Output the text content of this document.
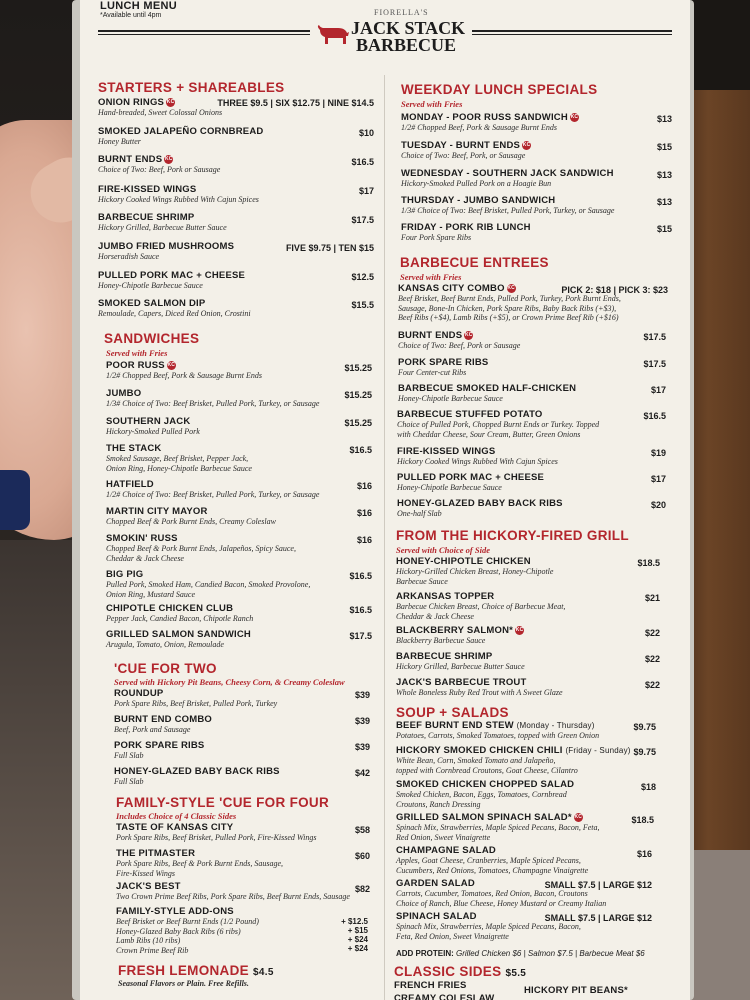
LUNCH MENU
*Available until 4pm	FIORELLA'S
JACK STACK
BARBECUE
STARTERS + SHAREABLES
ONION RINGS KC
Hand-breaded, Sweet Colossal Onions
THREE $9.5 | SIX $12.75 | NINE $14.5
SMOKED JALAPEÑO CORNBREAD
Honey Butter
$10
BURNT ENDS KC
Choice of Two: Beef, Pork or Sausage
$16.5
FIRE-KISSED WINGS
Hickory Cooked Wings Rubbed With Cajun Spices
$17
BARBECUE SHRIMP
Hickory Grilled, Barbecue Butter Sauce
$17.5
JUMBO FRIED MUSHROOMS
Horseradish Sauce
FIVE $9.75 | TEN $15
PULLED PORK MAC + CHEESE
Honey-Chipotle Barbecue Sauce
$12.5
SMOKED SALMON DIP
Remoulade, Capers, Diced Red Onion, Crostini
$15.5
SANDWICHES
Served with Fries
POOR RUSS KC
1/2# Chopped Beef, Pork & Sausage Burnt Ends
$15.25
JUMBO
1/3# Choice of Two: Beef Brisket, Pulled Pork, Turkey, or Sausage
$15.25
SOUTHERN JACK
Hickory-Smoked Pulled Pork
$15.25
THE STACK
Smoked Sausage, Beef Brisket, Pepper Jack,
Onion Ring, Honey-Chipotle Barbecue Sauce
$16.5
HATFIELD
1/2# Choice of Two: Beef Brisket, Pulled Pork, Turkey, or Sausage
$16
MARTIN CITY MAYOR
Chopped Beef & Pork Burnt Ends, Creamy Coleslaw
$16
SMOKIN' RUSS
Chopped Beef & Pork Burnt Ends, Jalapeños, Spicy Sauce,
Cheddar & Jack Cheese
$16
BIG PIG
Pulled Pork, Smoked Ham, Candied Bacon, Smoked Provolone,
Onion Ring, Mustard Sauce
$16.5
CHIPOTLE CHICKEN CLUB
Pepper Jack, Candied Bacon, Chipotle Ranch
$16.5
GRILLED SALMON SANDWICH
Arugula, Tomato, Onion, Remoulade
$17.5
'CUE FOR TWO
Served with Hickory Pit Beans, Cheesy Corn, & Creamy Coleslaw
ROUNDUP
Pork Spare Ribs, Beef Brisket, Pulled Pork, Turkey
$39
BURNT END COMBO
Beef, Pork and Sausage
$39
PORK SPARE RIBS
Full Slab
$39
HONEY-GLAZED BABY BACK RIBS
Full Slab
$42
FAMILY-STYLE 'CUE FOR FOUR
Includes Choice of 4 Classic Sides
TASTE OF KANSAS CITY
Pork Spare Ribs, Beef Brisket, Pulled Pork, Fire-Kissed Wings
$58
THE PITMASTER
Pork Spare Ribs, Beef & Pork Burnt Ends, Sausage,
Fire-Kissed Wings
$60
JACK'S BEST
Two Crown Prime Beef Ribs, Pork Spare Ribs, Beef Burnt Ends, Sausage
$82
FAMILY-STYLE ADD-ONS
Beef Brisket or Beef Burnt Ends (1/2 Pound)
Honey-Glazed Baby Back Ribs (6 ribs)
Lamb Ribs (10 ribs)
Crown Prime Beef Rib
+ $12.5
+ $15
+ $24
+ $24
FRESH LEMONADE $4.5
Seasonal Flavors or Plain. Free Refills.
WEEKDAY LUNCH SPECIALS
Served with Fries
MONDAY - POOR RUSS SANDWICH KC
1/2# Chopped Beef, Pork & Sausage Burnt Ends
$13
TUESDAY - BURNT ENDS KC
Choice of Two: Beef, Pork, or Sausage
$15
WEDNESDAY - SOUTHERN JACK SANDWICH
Hickory-Smoked Pulled Pork on a Hoagie Bun
$13
THURSDAY - JUMBO SANDWICH
1/3# Choice of Two: Beef Brisket, Pulled Pork, Turkey, or Sausage
$13
FRIDAY - PORK RIB LUNCH
Four Pork Spare Ribs
$15
BARBECUE ENTREES
Served with Fries
KANSAS CITY COMBO KC
Beef Brisket, Beef Burnt Ends, Pulled Pork, Turkey, Pork Burnt Ends,
Sausage, Bone-In Chicken, Pork Spare Ribs, Baby Back Ribs (+$3),
Beef Ribs (+$4), Lamb Ribs (+$5), or Crown Prime Beef Rib (+$16)
PICK 2: $18 | PICK 3: $23
BURNT ENDS KC
Choice of Two: Beef, Pork or Sausage
$17.5
PORK SPARE RIBS
Four Center-cut Ribs
$17.5
BARBECUE SMOKED HALF-CHICKEN
Honey-Chipotle Barbecue Sauce
$17
BARBECUE STUFFED POTATO
Choice of Pulled Pork, Chopped Burnt Ends or Turkey. Topped
with Cheddar Cheese, Sour Cream, Butter, Green Onions
$16.5
FIRE-KISSED WINGS
Hickory Cooked Wings Rubbed With Cajun Spices
$19
PULLED PORK MAC + CHEESE
Honey-Chipotle Barbecue Sauce
$17
HONEY-GLAZED BABY BACK RIBS
One-half Slab
$20
FROM THE HICKORY-FIRED GRILL
Served with Choice of Side
HONEY-CHIPOTLE CHICKEN
Hickory-Grilled Chicken Breast, Honey-Chipotle
Barbecue Sauce
$18.5
ARKANSAS TOPPER
Barbecue Chicken Breast, Choice of Barbecue Meat,
Cheddar & Jack Cheese
$21
BLACKBERRY SALMON* KC
Blackberry Barbecue Sauce
$22
BARBECUE SHRIMP
Hickory Grilled, Barbecue Butter Sauce
$22
JACK'S BARBECUE TROUT
Whole Boneless Ruby Red Trout with A Sweet Glaze
$22
SOUP + SALADS
BEEF BURNT END STEW (Monday - Thursday)
Potatoes, Carrots, Smoked Tomatoes, topped with Green Onion
$9.75
HICKORY SMOKED CHICKEN CHILI (Friday - Sunday)
White Bean, Corn, Smoked Tomato and Jalapeño,
topped with Cornbread Croutons, Goat Cheese, Cilantro
$9.75
SMOKED CHICKEN CHOPPED SALAD
Smoked Chicken, Bacon, Eggs, Tomatoes, Cornbread
Croutons, Ranch Dressing
$18
GRILLED SALMON SPINACH SALAD* KC
Spinach Mix, Strawberries, Maple Spiced Pecans, Bacon, Feta,
Red Onion, Sweet Vinaigrette
$18.5
CHAMPAGNE SALAD
Apples, Goat Cheese, Cranberries, Maple Spiced Pecans,
Cucumbers, Red Onions, Tomatoes, Champagne Vinaigrette
$16
GARDEN SALAD
Carrots, Cucumber, Tomatoes, Red Onion, Bacon, Croutons
Choice of Ranch, Blue Cheese, Honey Mustard or Creamy Italian
SMALL $7.5 | LARGE $12
SPINACH SALAD
Spinach Mix, Strawberries, Maple Spiced Pecans, Bacon,
Feta, Red Onion, Sweet Vinaigrette
SMALL $7.5 | LARGE $12
ADD PROTEIN: Grilled Chicken $6 | Salmon $7.5 | Barbecue Meat $6
CLASSIC SIDES $5.5
FRENCH FRIES	HICKORY PIT BEANS*
CREAMY COLESLAW
